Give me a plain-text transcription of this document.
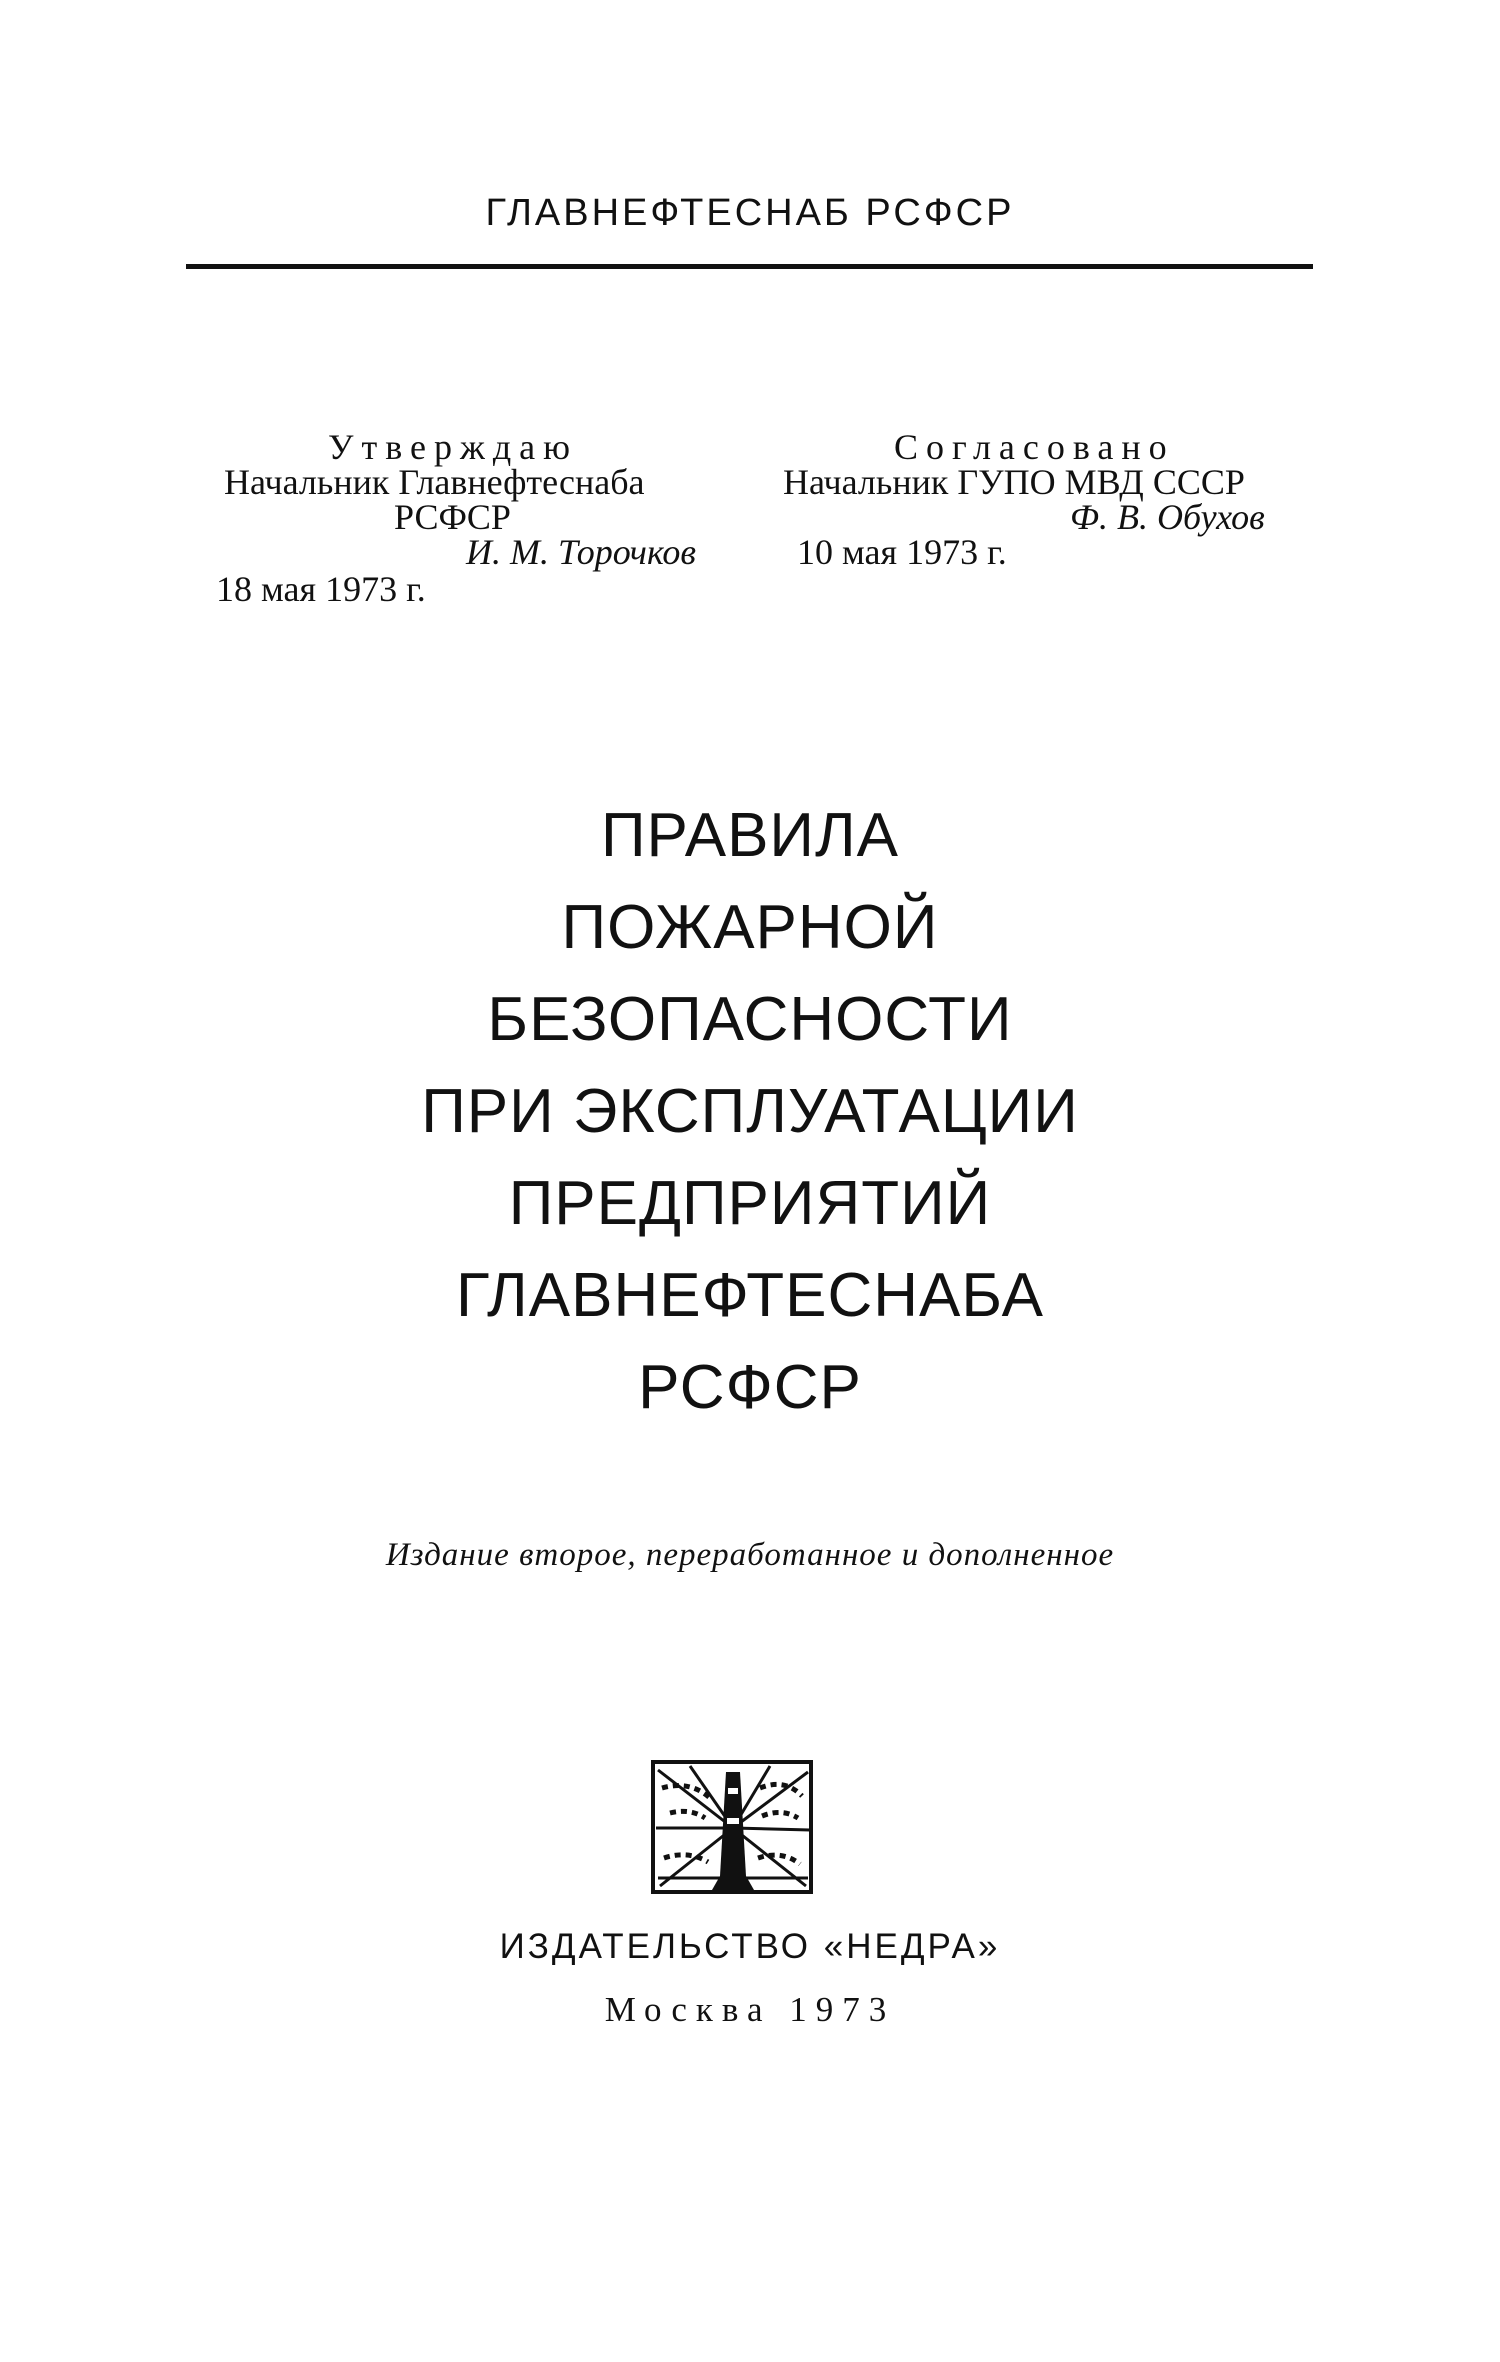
ГЛАВНЕФТЕСНАБ РСФСР
Утверждаю
Начальник Главнефтеснаба
РСФСР
И. М. Торочков
18 мая 1973 г.
Согласовано
Начальник ГУПО МВД СССР
Ф. В. Обухов
10 мая 1973 г.
ПРАВИЛА
ПОЖАРНОЙ
БЕЗОПАСНОСТИ
ПРИ ЭКСПЛУАТАЦИИ
ПРЕДПРИЯТИЙ
ГЛАВНЕФТЕСНАБА
РСФСР
Издание второе, переработанное и дополненное
ИЗДАТЕЛЬСТВО «НЕДРА»
Москва 1973
